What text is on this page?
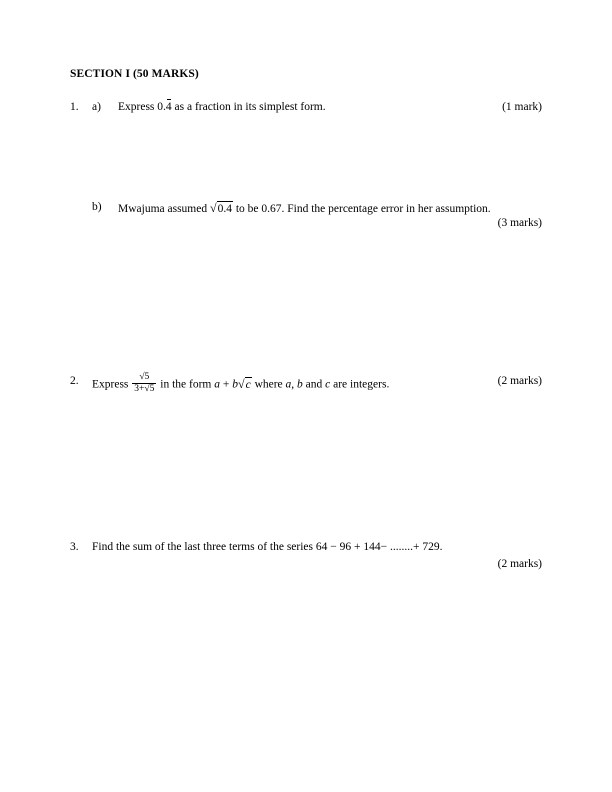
SECTION I (50 MARKS)
1.	a)	Express 0.4 as a fraction in its simplest form.	(1 mark)
b)	Mwajuma assumed √0.4 to be 0.67. Find the percentage error in her assumption.
(3 marks)
2.	Express $\frac{√5}{3+√5}$ in the form a + b√c where a, b and c are integers.	(2 marks)
3.	Find the sum of the last three terms of the series 64 − 96 + 144− ........+ 729.
(2 marks)
